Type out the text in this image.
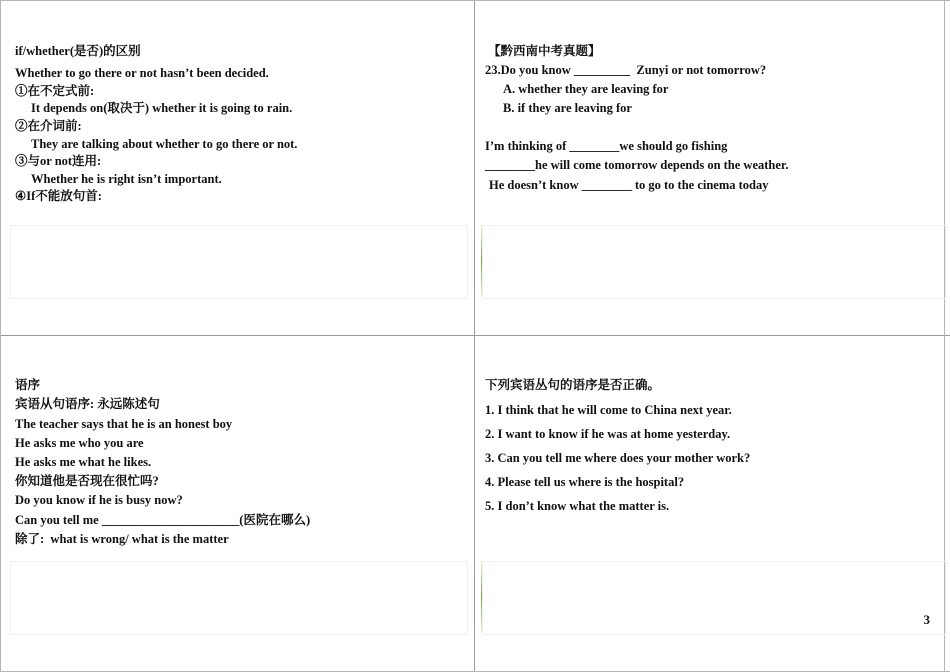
if/whether(是否)的区别
Whether to go there or not hasn’t been decided.
①在不定式前:
It depends on(取决于) whether it is going to rain.
②在介词前:
They are talking about whether to go there or not.
③与or not连用:
Whether he is right isn’t important.
④If不能放句首:
【黔西南中考真题】
23.Do you know _________  Zunyi or not tomorrow?
A. whether they are leaving for
B. if they are leaving for
I’m thinking of ________we should go fishing
________he will come tomorrow depends on the weather.
He doesn’t know ________ to go to the cinema today
语序
宾语从句语序: 永远陈述句
The teacher says that he is an honest boy
He asks me who you are
He asks me what he likes.
你知道他是否现在很忙吗?
Do you know if he is busy now?
Can you tell me ______________________(医院在哪么)
除了:  what is wrong/ what is the matter
下列宾语丛句的语序是否正确。
1. I think that he will come to China next year.
2. I want to know if he was at home yesterday.
3. Can you tell me where does your mother work?
4. Please tell us where is the hospital?
5. I don’t know what the matter is.
3
